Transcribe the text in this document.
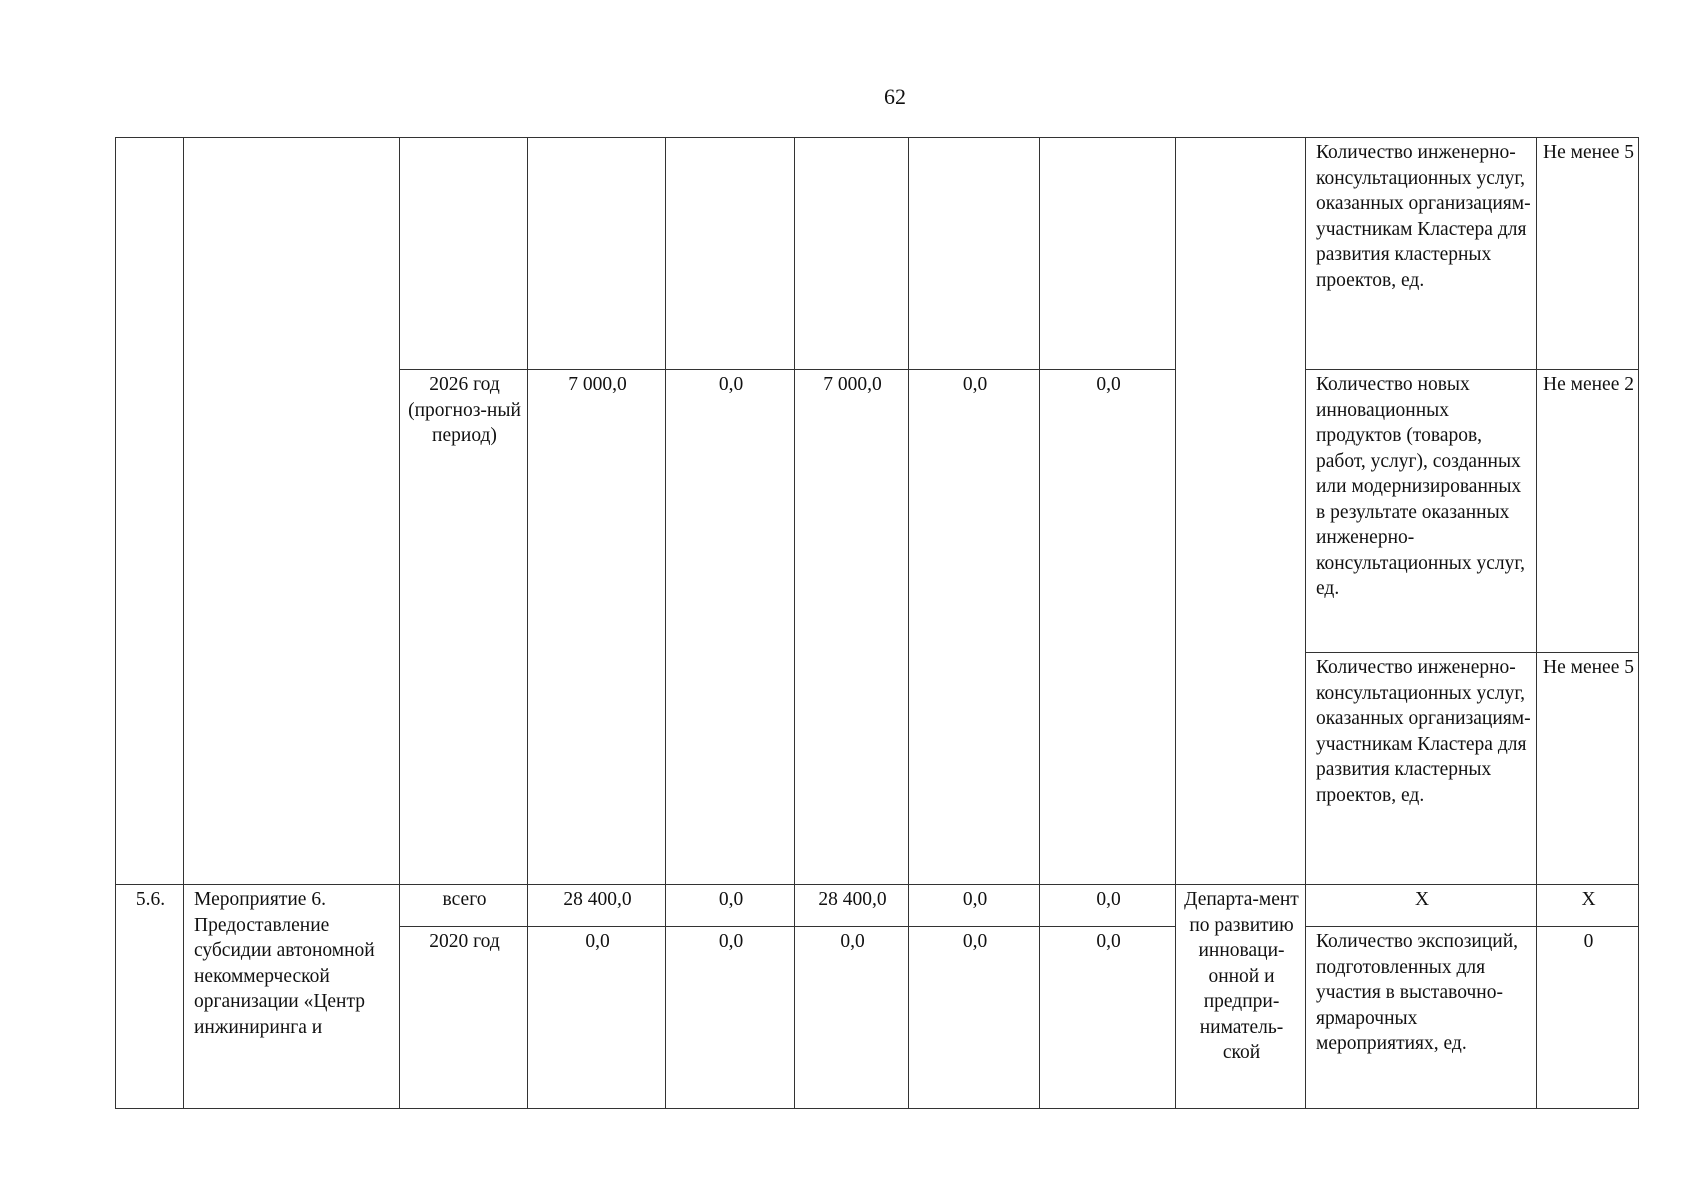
62
									Количество инженерно-консультационных услуг, оказанных организациям-участникам Кластера для развития кластерных проектов, ед.	Не менее 5
		2026 год (прогноз-ный период)	7 000,0	0,0	7 000,0	0,0	0,0		Количество новых инновационных продуктов (товаров, работ, услуг), созданных или модернизированных в результате оказанных инженерно-консультационных услуг, ед.	Не менее 2
									Количество инженерно-консультационных услуг, оказанных организациям-участникам Кластера для развития кластерных проектов, ед.	Не менее 5
5.6.	Мероприятие 6. Предоставление субсидии автономной некоммерческой организации «Центр инжиниринга и	всего	28 400,0	0,0	28 400,0	0,0	0,0	Департа-мент по развитию инноваци-онной и предпри-ниматель-ской	X	X
		2020 год	0,0	0,0	0,0	0,0	0,0		Количество экспозиций, подготовленных для участия в выставочно-ярмарочных мероприятиях, ед.	0
